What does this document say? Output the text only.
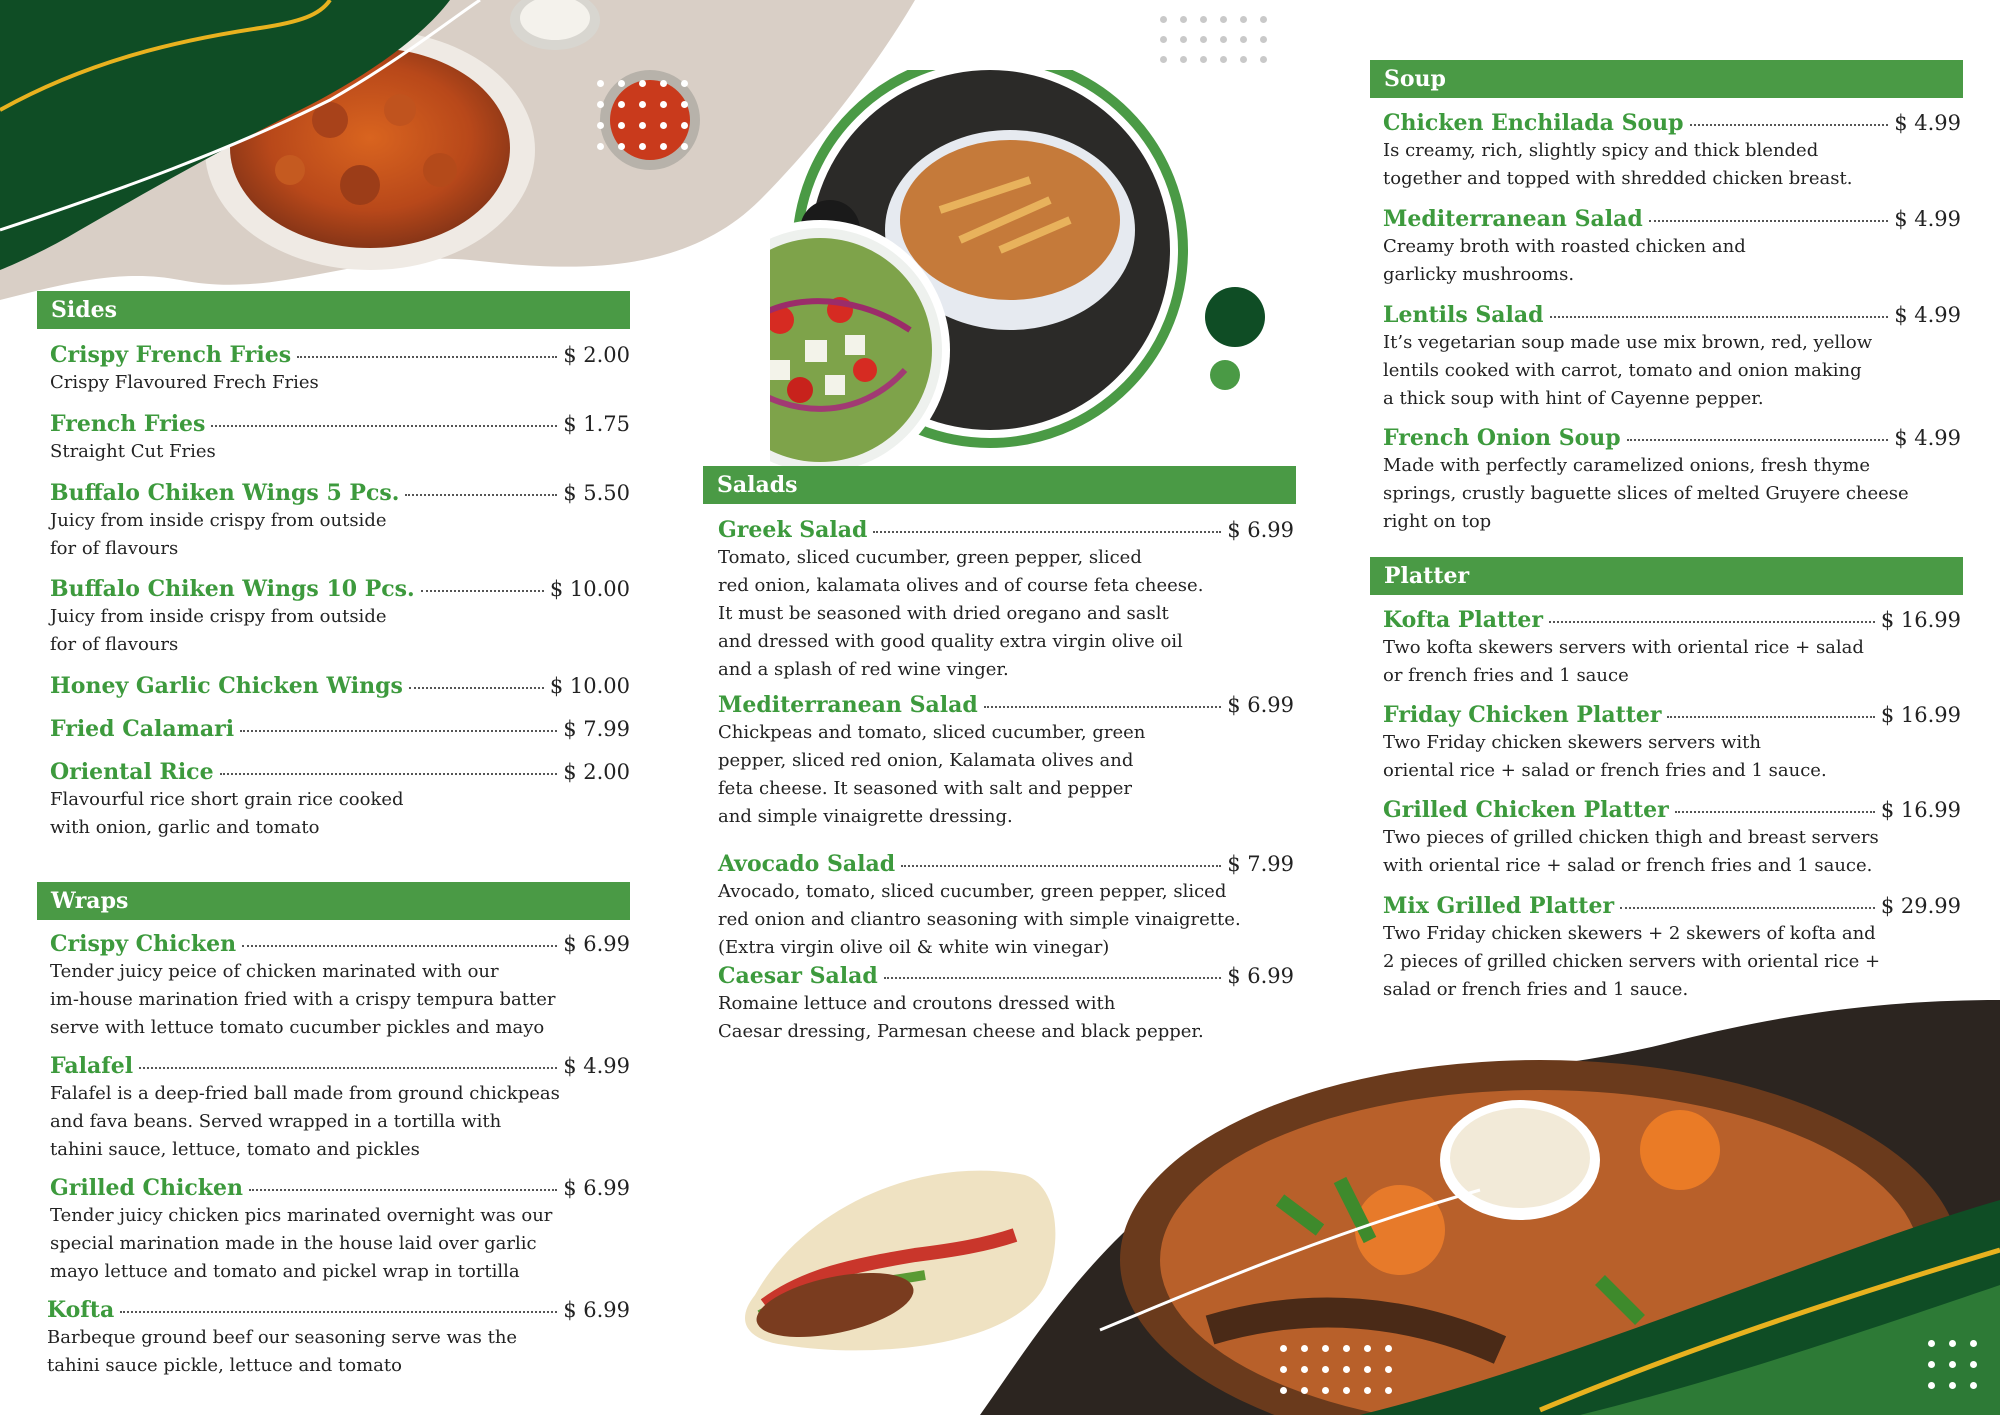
Sides
Wraps
Salads
Soup
Platter
Crispy French Fries	$ 2.00
Crispy Flavoured Frech Fries
French Fries	$ 1.75
Straight Cut Fries
Buffalo Chiken Wings 5 Pcs.	$ 5.50
Juicy from inside crispy from outside
for of flavours
Buffalo Chiken Wings 10 Pcs.	$ 10.00
Juicy from inside crispy from outside
for of flavours
Honey Garlic Chicken Wings	$ 10.00
Fried Calamari	$ 7.99
Oriental Rice	$ 2.00
Flavourful rice short grain rice cooked
with onion, garlic and tomato
Crispy Chicken	$ 6.99
Tender juicy peice of chicken marinated with our
im-house marination fried with a crispy tempura batter
serve with lettuce tomato cucumber pickles and mayo
Falafel	$ 4.99
Falafel is a deep-fried ball made from ground chickpeas
and fava beans. Served wrapped in a tortilla with
tahini sauce, lettuce, tomato and pickles
Grilled Chicken	$ 6.99
Tender juicy chicken pics marinated overnight was our
special marination made in the house laid over garlic
mayo lettuce and tomato and pickel wrap in tortilla
Kofta	$ 6.99
Barbeque ground beef our seasoning serve was the
tahini sauce pickle, lettuce and tomato
Greek Salad	$ 6.99
Tomato, sliced cucumber, green pepper, sliced
red onion, kalamata olives and of course feta cheese.
It must be seasoned with dried oregano and saslt
and dressed with good quality extra virgin olive oil
and a splash of red wine vinger.
Mediterranean Salad	$ 6.99
Chickpeas and tomato, sliced cucumber, green
pepper, sliced red onion, Kalamata olives and
feta cheese. It seasoned with salt and pepper
and simple vinaigrette dressing.
Avocado Salad	$ 7.99
Avocado, tomato, sliced cucumber, green pepper, sliced
red onion and cliantro seasoning with simple vinaigrette.
(Extra virgin olive oil & white win vinegar)
Caesar Salad	$ 6.99
Romaine lettuce and croutons dressed with
Caesar dressing, Parmesan cheese and black pepper.
Chicken Enchilada Soup	$ 4.99
Is creamy, rich, slightly spicy and thick blended
together and topped with shredded chicken breast.
Mediterranean Salad	$ 4.99
Creamy broth with roasted chicken and
garlicky mushrooms.
Lentils Salad	$ 4.99
It’s vegetarian soup made use mix brown, red, yellow
lentils cooked with carrot, tomato and onion making
a thick soup with hint of Cayenne pepper.
French Onion Soup	$ 4.99
Made with perfectly caramelized onions, fresh thyme
springs, crustly baguette slices of melted Gruyere cheese
right on top
Kofta Platter	$ 16.99
Two kofta skewers servers with oriental rice + salad
or french fries and 1 sauce
Friday Chicken Platter	$ 16.99
Two Friday chicken skewers servers with
oriental rice + salad or french fries and 1 sauce.
Grilled Chicken Platter	$ 16.99
Two pieces of grilled chicken thigh and breast servers
with oriental rice + salad or french fries and 1 sauce.
Mix Grilled Platter	$ 29.99
Two Friday chicken skewers + 2 skewers of kofta and
2 pieces of grilled chicken servers with oriental rice +
salad or french fries and 1 sauce.
